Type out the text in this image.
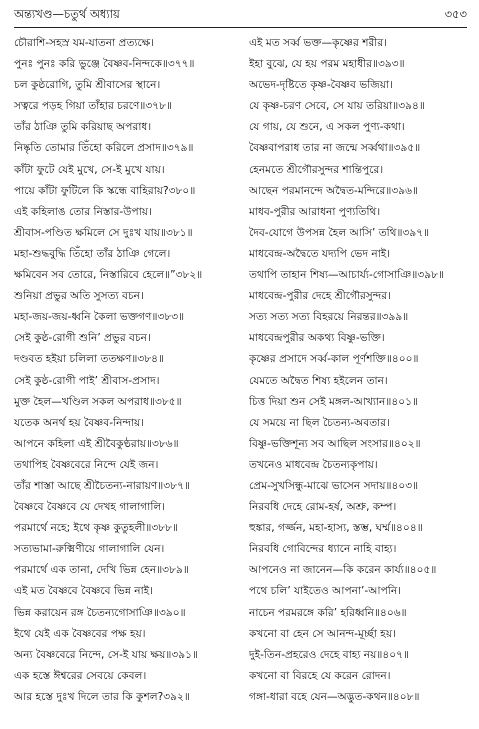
অন্ত্যখণ্ড—চতুর্থ অধ্যায়	৩৫৩
চৌরাশি-সহস্র যম-যাতনা প্রত্যক্ষে।
পুনঃ পুনঃ করি ভুঞ্জে বৈষ্ণব-নিন্দকে॥৩৭৭॥
চল কুষ্ঠরোগি, তুমি শ্রীবাসের স্থানে।
সত্বরে পড়হ গিয়া তাঁহার চরণে॥৩৭৮॥
তাঁর ঠাঞি তুমি করিয়াছ অপরাধ।
নিষ্কৃতি তোমার তিঁহো করিলে প্রসাদ॥৩৭৯॥
কাঁটা ফুটে যেই মুখে, সে-ই মুখে যায়।
পায়ে কাঁটা ফুটিলে কি স্কন্ধে বাহিরায়?৩৮০॥
এই কহিলাঙ তোর নিস্তার-উপায়।
শ্রীবাস-পণ্ডিত ক্ষমিলে সে দুঃখ যায়॥৩৮১॥
মহা-শুদ্ধবুদ্ধি তিঁহো তাঁর ঠাঞি গেলে।
ক্ষমিবেন সব তোরে, নিস্তারিবে হেলে॥”৩৮২॥
শুনিয়া প্রভুর অতি সুসত্য বচন।
মহা-জয়-জয়-ধ্বনি কৈলা ভক্তগণ॥৩৮৩॥
সেই কুষ্ঠ-রোগী শুনি’ প্রভুর বচন।
দণ্ডবত হইয়া চলিলা ততক্ষণ॥৩৮৪॥
সেই কুষ্ঠ-রোগী পাই’ শ্রীবাস-প্রসাদ।
মুক্ত হৈল—খণ্ডিল সকল অপরাধ॥৩৮৫॥
যতেক অনর্থ হয় বৈষ্ণব-নিন্দায়।
আপনে কহিলা এই শ্রীবৈকুণ্ঠরায়॥৩৮৬॥
তথাপিহ বৈষ্ণবেরে নিন্দে যেই জন।
তাঁর শাস্তা আছে শ্রীচৈতন্য-নারায়ণ॥৩৮৭॥
বৈষ্ণবে বৈষ্ণবে যে দেখহ গালাগালি।
পরমার্থে নহে; ইথে কৃষ্ণ কুতুহলী॥৩৮৮॥
সত্যভামা-রুক্মিণীয়ে গালাগালি যেন।
পরমার্থে এক তানা, দেখি ভিন্ন হেন॥৩৮৯॥
এই মত বৈষ্ণবে বৈষ্ণবে ভিন্ন নাই।
ভিন্ন করায়েন রঙ্গ চৈতন্যগোসাঞি॥৩৯০॥
ইথে যেই এক বৈষ্ণবের পক্ষ হয়।
অন্য বৈষ্ণবেরে নিন্দে, সে-ই যায় ক্ষয়॥৩৯১॥
এক হস্তে ঈশ্বরের সেবয়ে কেবল।
আর হস্তে দুঃখ দিলে তার কি কুশল?৩৯২॥
এই মত সর্ব্ব ভক্ত—কৃষ্ণের শরীর।
ইহা বুঝে, যে হয় পরম মহাধীর॥৩৯৩॥
অভেদ-দৃষ্টিতে কৃষ্ণ-বৈষ্ণব ভজিয়া।
যে কৃষ্ণ-চরণ সেবে, সে যায় তরিয়া॥৩৯৪॥
যে গায়, যে শুনে, এ সকল পুণ্য-কথা।
বৈষ্ণবাপরাধ তার না জন্মে সর্ব্বথা॥৩৯৫॥
হেনমতে শ্রীগৌরসুন্দর শান্তিপুরে।
আছেন পরমানন্দে অদ্বৈত-মন্দিরে॥৩৯৬॥
মাধব-পুরীর আরাধনা পুণ্যতিথি।
দৈব-যোগে উপসন্ন হৈল আসি’ তথি॥৩৯৭॥
মাধবেন্দ্র-অদ্বৈতে যদ্যপি ভেদ নাই।
তথাপি তাহান শিষ্য—আচার্য্য-গোসাঞি॥৩৯৮॥
মাধবেন্দ্র-পুরীর দেহে শ্রীগৌরসুন্দর।
সত্য সত্য সত্য বিহরয়ে নিরন্তর॥৩৯৯॥
মাধবেন্দ্রপুরীর অকথ্য বিষ্ণু-ভক্তি।
কৃষ্ণের প্রসাদে সর্ব্ব-কাল পূর্ণশক্তি॥৪০০॥
যেমতে অদ্বৈত শিষ্য হইলেন তান।
চিত্ত দিয়া শুন সেই মঙ্গল-আখ্যান॥৪০১॥
যে সময়ে না ছিল চৈতন্য-অবতার।
বিষ্ণু-ভক্তিশূন্য সব আছিল সংসার॥৪০২॥
তখনেও মাধবেন্দ্র চৈতন্যকৃপায়।
প্রেম-সুখসিন্ধু-মাঝে ভাসেন সদায়॥৪০৩॥
নিরবধি দেহে রোম-হর্ষ, অশ্রু, কম্প।
হুঙ্কার, গর্জ্জন, মহা-হাস্য, স্তম্ভ, ঘর্ম্ম॥৪০৪॥
নিরবধি গোবিন্দের ধ্যানে নাহি বাহ্য।
আপনেও না জানেন—কি করেন কার্য্য॥৪০৫॥
পথে চলি’ যাইতেও আপনা’-আপনি।
নাচেন পরমরঙ্গে করি’ হরিধ্বনি॥৪০৬॥
কখনো বা হেন সে আনন্দ-মূর্চ্ছা হয়।
দুই-তিন-প্রহরেও দেহে বাহ্য নয়॥৪০৭॥
কখনো বা বিরহে যে করেন রোদন।
গঙ্গা-ধারা বহে যেন—অদ্ভুত-কথন॥৪০৮॥
